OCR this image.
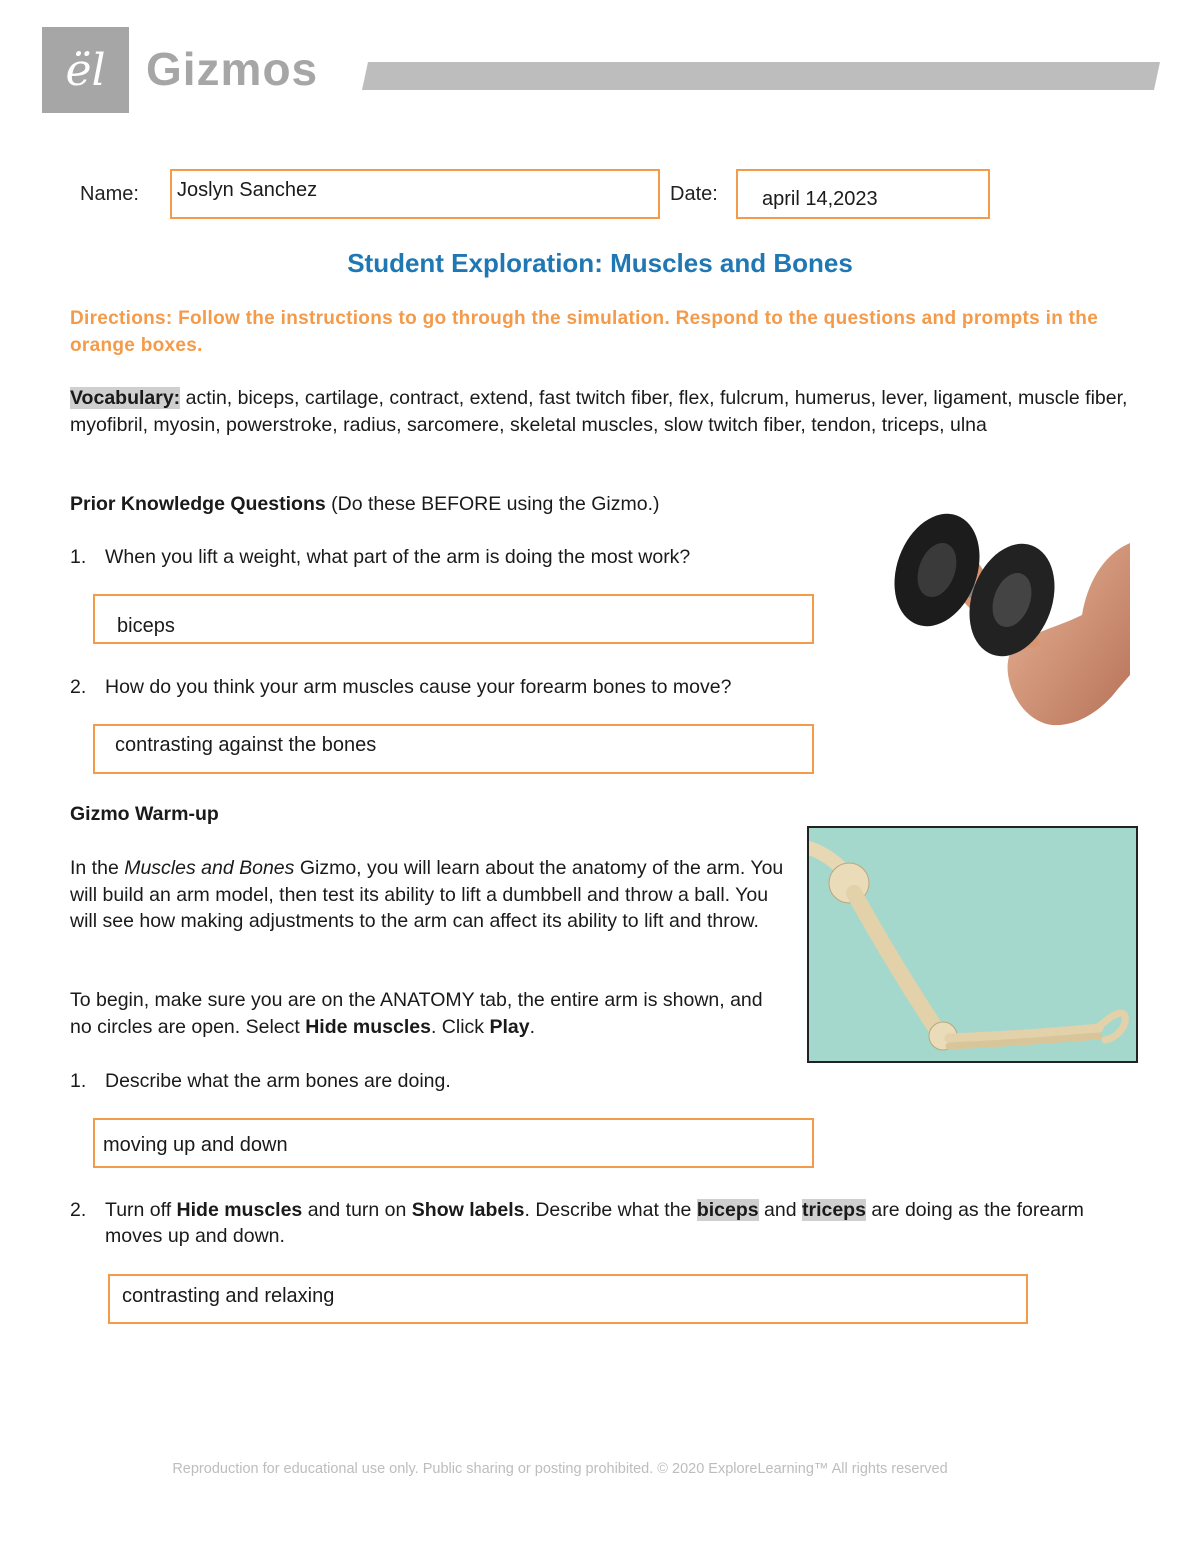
ël Gizmos
Name: Joslyn Sanchez	Date: april 14,2023
Student Exploration: Muscles and Bones
Directions: Follow the instructions to go through the simulation. Respond to the questions and prompts in the orange boxes.
Vocabulary: actin, biceps, cartilage, contract, extend, fast twitch fiber, flex, fulcrum, humerus, lever, ligament, muscle fiber, myofibril, myosin, powerstroke, radius, sarcomere, skeletal muscles, slow twitch fiber, tendon, triceps, ulna
Prior Knowledge Questions (Do these BEFORE using the Gizmo.)
1. When you lift a weight, what part of the arm is doing the most work?
biceps
2. How do you think your arm muscles cause your forearm bones to move?
contrasting against the bones
Gizmo Warm-up
In the Muscles and Bones Gizmo, you will learn about the anatomy of the arm. You will build an arm model, then test its ability to lift a dumbbell and throw a ball. You will see how making adjustments to the arm can affect its ability to lift and throw.
To begin, make sure you are on the ANATOMY tab, the entire arm is shown, and no circles are open. Select Hide muscles. Click Play.
1. Describe what the arm bones are doing.
moving up and down
2. Turn off Hide muscles and turn on Show labels. Describe what the biceps and triceps are doing as the forearm moves up and down.
contrasting and relaxing
Reproduction for educational use only. Public sharing or posting prohibited. © 2020 ExploreLearning™ All rights reserved
